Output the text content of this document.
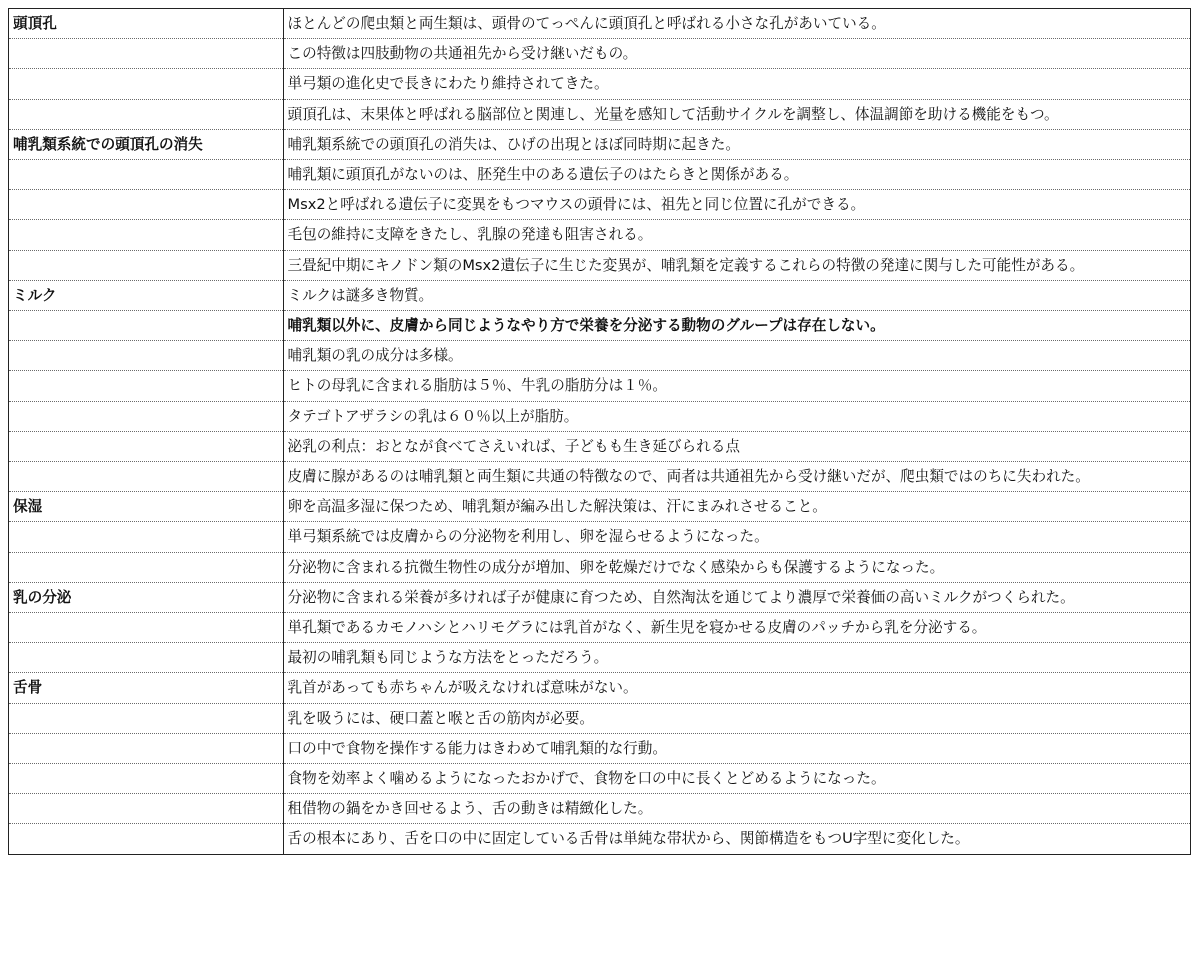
頭頂孔	ほとんどの爬虫類と両生類は、頭骨のてっぺんに頭頂孔と呼ばれる小さな孔があいている。
	この特徴は四肢動物の共通祖先から受け継いだもの。
	単弓類の進化史で長きにわたり維持されてきた。
	頭頂孔は、末果体と呼ばれる脳部位と関連し、光量を感知して活動サイクルを調整し、体温調節を助ける機能をもつ。
哺乳類系統での頭頂孔の消失	哺乳類系統での頭頂孔の消失は、ひげの出現とほぼ同時期に起きた。
	哺乳類に頭頂孔がないのは、胚発生中のある遺伝子のはたらきと関係がある。
	Msx2と呼ばれる遺伝子に変異をもつマウスの頭骨には、祖先と同じ位置に孔ができる。
	毛包の維持に支障をきたし、乳腺の発達も阻害される。
	三畳紀中期にキノドン類のMsx2遺伝子に生じた変異が、哺乳類を定義するこれらの特徴の発達に関与した可能性がある。
ミルク	ミルクは謎多き物質。
	哺乳類以外に、皮膚から同じようなやり方で栄養を分泌する動物のグループは存在しない。
	哺乳類の乳の成分は多様。
	ヒトの母乳に含まれる脂肪は５％、牛乳の脂肪分は１％。
	タテゴトアザラシの乳は６０％以上が脂肪。
	泌乳の利点：おとなが食べてさえいれば、子どもも生き延びられる点
	皮膚に腺があるのは哺乳類と両生類に共通の特徴なので、両者は共通祖先から受け継いだが、爬虫類ではのちに失われた。
保湿	卵を高温多湿に保つため、哺乳類が編み出した解決策は、汗にまみれさせること。
	単弓類系統では皮膚からの分泌物を利用し、卵を湿らせるようになった。
	分泌物に含まれる抗微生物性の成分が増加、卵を乾燥だけでなく感染からも保護するようになった。
乳の分泌	分泌物に含まれる栄養が多ければ子が健康に育つため、自然淘汰を通じてより濃厚で栄養価の高いミルクがつくられた。
	単孔類であるカモノハシとハリモグラには乳首がなく、新生児を寝かせる皮膚のパッチから乳を分泌する。
	最初の哺乳類も同じような方法をとっただろう。
舌骨	乳首があっても赤ちゃんが吸えなければ意味がない。
	乳を吸うには、硬口蓋と喉と舌の筋肉が必要。
	口の中で食物を操作する能力はきわめて哺乳類的な行動。
	食物を効率よく噛めるようになったおかげで、食物を口の中に長くとどめるようになった。
	租借物の鍋をかき回せるよう、舌の動きは精緻化した。
	舌の根本にあり、舌を口の中に固定している舌骨は単純な帯状から、関節構造をもつU字型に変化した。
